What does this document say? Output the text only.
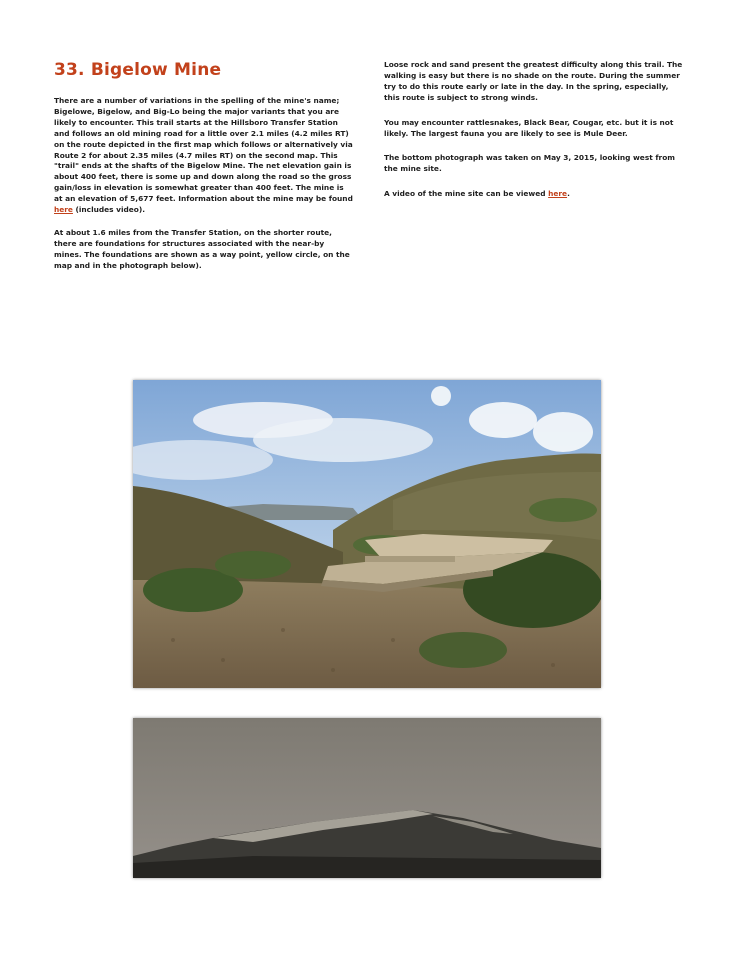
33. Bigelow Mine

There are a number of variations in the spelling of the mine's name; Bigelowe, Bigelow, and Big-Lo being the major variants that you are likely to encounter. This trail starts at the Hillsboro Transfer Station and follows an old mining road for a little over 2.1 miles (4.2 miles RT) on the route depicted in the first map which follows or alternatively via Route 2 for about 2.35 miles (4.7 miles RT) on the second map. This "trail" ends at the shafts of the Bigelow Mine. The net elevation gain is about 400 feet, there is some up and down along the road so the gross gain/loss in elevation is somewhat greater than 400 feet. The mine is at an elevation of 5,677 feet. Information about the mine may be found here (includes video).

At about 1.6 miles from the Transfer Station, on the shorter route, there are foundations for structures associated with the near-by mines. The foundations are shown as a way point, yellow circle, on the map and in the photograph below).

Loose rock and sand present the greatest difficulty along this trail. The walking is easy but there is no shade on the route. During the summer try to do this route early or late in the day. In the spring, especially, this route is subject to strong winds.

You may encounter rattlesnakes, Black Bear, Cougar, etc. but it is not likely. The largest fauna you are likely to see is Mule Deer.

The bottom photograph was taken on May 3, 2015, looking west from the mine site.

A video of the mine site can be viewed here.
